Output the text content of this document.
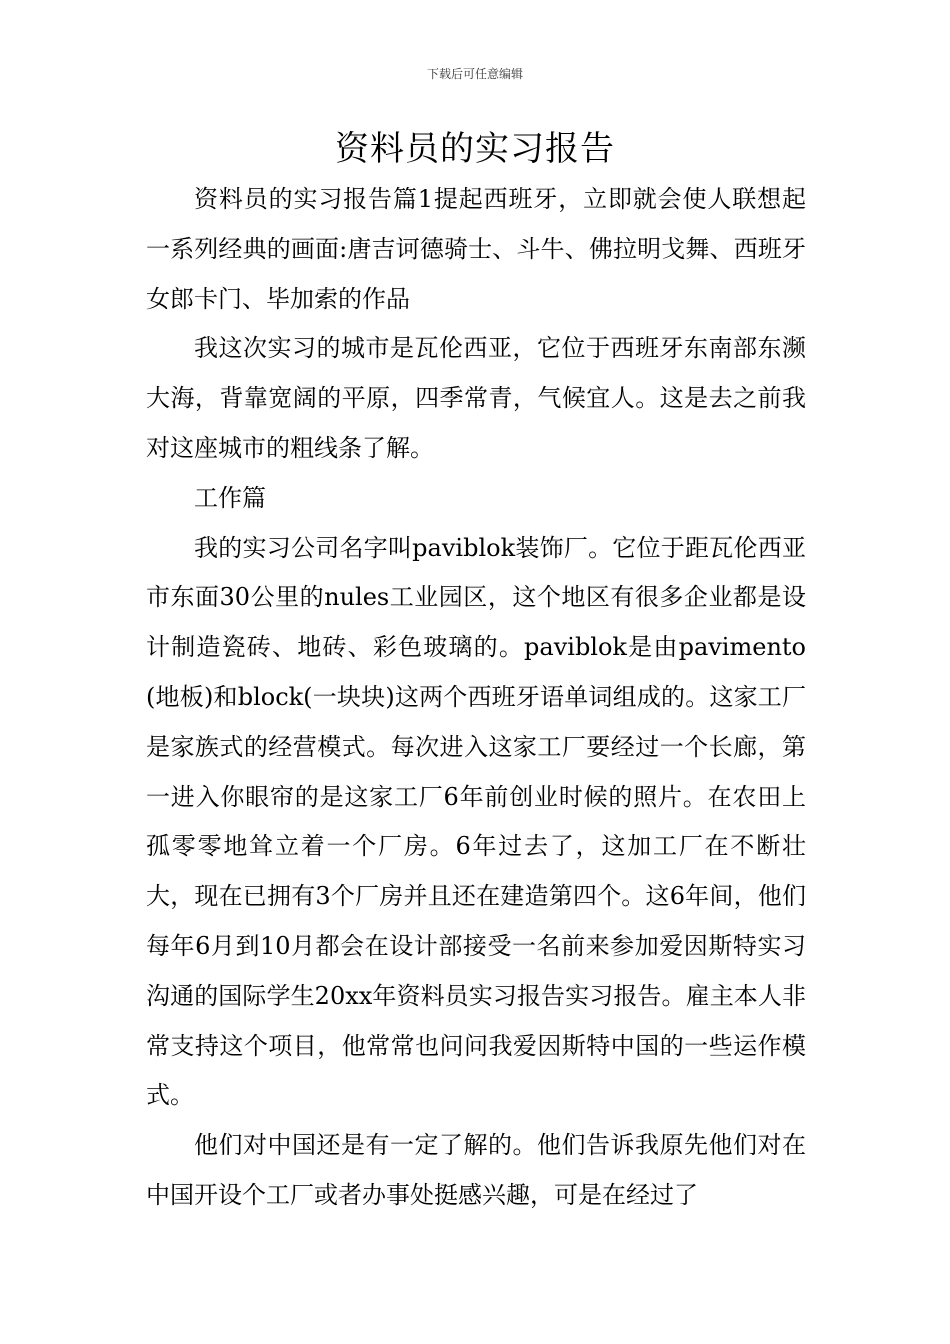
下载后可任意编辑
资料员的实习报告

资料员的实习报告篇1提起西班牙，立即就会使人联想起一系列经典的画面:唐吉诃德骑士、斗牛、佛拉明戈舞、西班牙女郎卡门、毕加索的作品

我这次实习的城市是瓦伦西亚，它位于西班牙东南部东濒大海，背靠宽阔的平原，四季常青，气候宜人。这是去之前我对这座城市的粗线条了解。

工作篇

我的实习公司名字叫paviblok装饰厂。它位于距瓦伦西亚市东面30公里的nules工业园区，这个地区有很多企业都是设计制造瓷砖、地砖、彩色玻璃的。paviblok是由pavimento(地板)和block(一块块)这两个西班牙语单词组成的。这家工厂是家族式的经营模式。每次进入这家工厂要经过一个长廊，第一进入你眼帘的是这家工厂6年前创业时候的照片。在农田上孤零零地耸立着一个厂房。6年过去了，这加工厂在不断壮大，现在已拥有3个厂房并且还在建造第四个。这6年间，他们每年6月到10月都会在设计部接受一名前来参加爱因斯特实习沟通的国际学生20xx年资料员实习报告实习报告。雇主本人非常支持这个项目，他常常也问问我爱因斯特中国的一些运作模式。

他们对中国还是有一定了解的。他们告诉我原先他们对在中国开设个工厂或者办事处挺感兴趣，可是在经过了
